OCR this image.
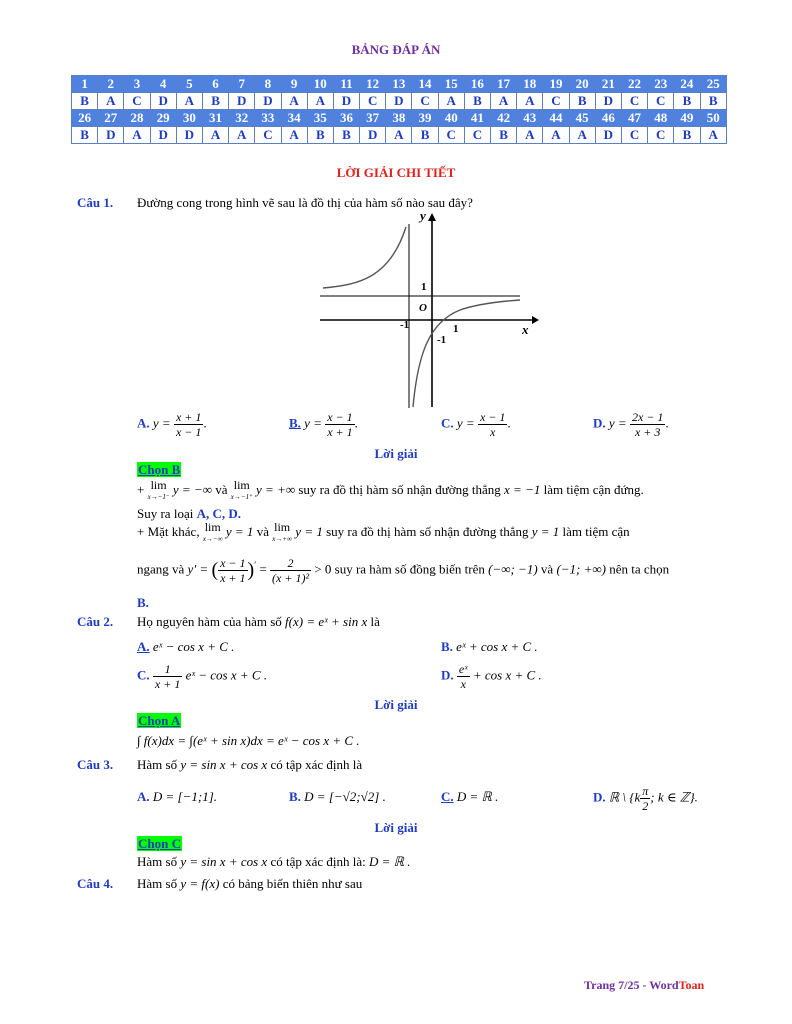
BẢNG ĐÁP ÁN
1	2	3	4	5	6	7	8	9	10	11	12	13	14	15	16	17	18	19	20	21	22	23	24	25
B	A	C	D	A	B	D	D	A	A	D	C	D	C	A	B	A	A	C	B	D	C	C	B	B
26	27	28	29	30	31	32	33	34	35	36	37	38	39	40	41	42	43	44	45	46	47	48	49	50
B	D	A	D	D	A	A	C	A	B	B	D	A	B	C	C	B	A	A	A	D	C	C	B	A
LỜI GIẢI CHI TIẾT
Câu 1. Đường cong trong hình vẽ sau là đồ thị của hàm số nào sau đây?
y
x
O
1
1
-1
-1
A. $y = \frac{x + 1}{x - 1}$ .	B. $y = \frac{x - 1}{x + 1}$ .	C. $y = \frac{x - 1}{x}$ .	D. $y = \frac{2x - 1}{x + 3}$ .
Lời giải
Chọn B
+ lim
x→−1⁻ y = −∞ và lim
x→−1⁺ y = +∞ suy ra đồ thị hàm số nhận đường thẳng x = −1 làm tiệm cận đứng.
Suy ra loại A, C, D.
+ Mặt khác, lim
x→−∞ y = 1 và lim
x→+∞ y = 1 suy ra đồ thị hàm số nhận đường thẳng y = 1 làm tiệm cận
ngang và y′ = ( $\frac{x - 1}{x + 1} )' = \frac{2}{\text{(x + 1)²}} > 0$ suy ra hàm số đồng biến trên (−∞; −1) và (−1; +∞) nên ta chọn
B.
Câu 2. Họ nguyên hàm của hàm số f(x) = eˣ + sin x là
A. eˣ − cos x + C .	B. eˣ + cos x + C .
C. $\frac{1}{x + 1}$ eˣ − cos x + C .	D. $\frac{\text{eˣ}}{x} + \cos x + C$ .
Lời giải
Chọn A
∫ f(x)dx = ∫(eˣ + sin x)dx = eˣ − cos x + C .
Câu 3. Hàm số y = sin x + cos x có tập xác định là
A. D = [−1;1].	B. D = [−√2;√2] .	C. D = ℝ .	D. ℝ \ {$k \frac{\pi}{2}$ ; k ∈ ℤ}.
Lời giải
Chọn C
Hàm số y = sin x + cos x có tập xác định là: D = ℝ .
Câu 4. Hàm số y = f(x) có bảng biến thiên như sau
Trang 7/25 - WordToan
